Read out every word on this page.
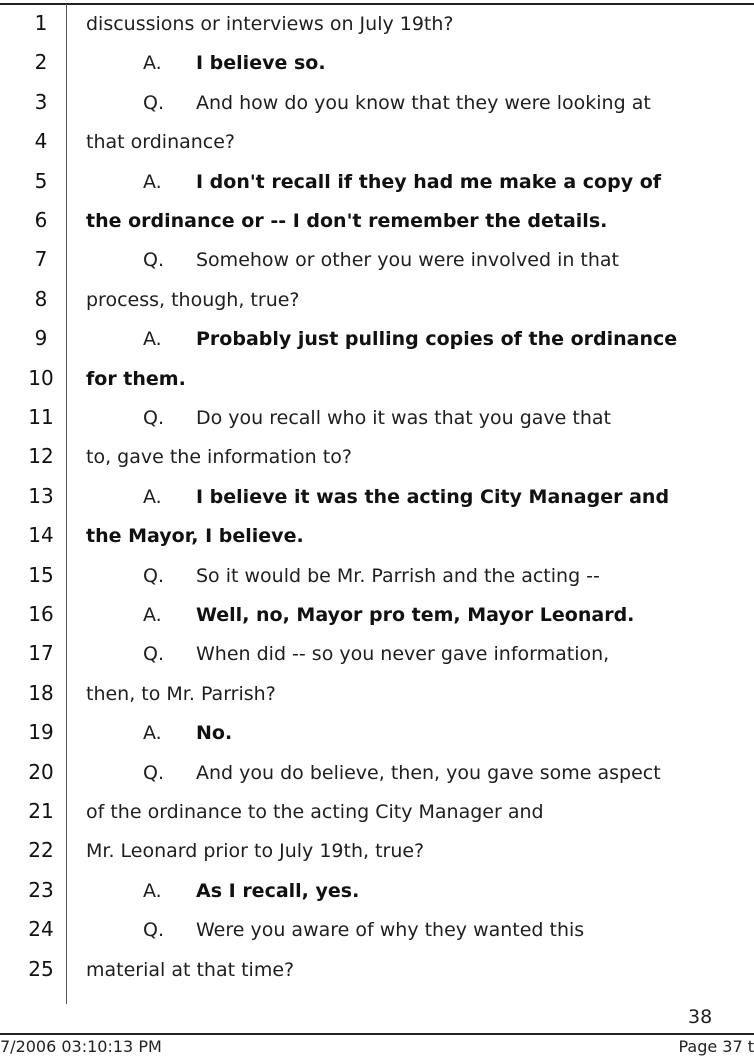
1	discussions or interviews on July 19th?
2	A. I believe so.
3	Q. And how do you know that they were looking at
4	that ordinance?
5	A. I don't recall if they had me make a copy of
6	the ordinance or -- I don't remember the details.
7	Q. Somehow or other you were involved in that
8	process, though, true?
9	A. Probably just pulling copies of the ordinance
10	for them.
11	Q. Do you recall who it was that you gave that
12	to, gave the information to?
13	A. I believe it was the acting City Manager and
14	the Mayor, I believe.
15	Q. So it would be Mr. Parrish and the acting --
16	A. Well, no, Mayor pro tem, Mayor Leonard.
17	Q. When did -- so you never gave information,
18	then, to Mr. Parrish?
19	A. No.
20	Q. And you do believe, then, you gave some aspect
21	of the ordinance to the acting City Manager and
22	Mr. Leonard prior to July 19th, true?
23	A. As I recall, yes.
24	Q. Were you aware of why they wanted this
25	material at that time?
38
7/2006 03:10:13 PM	Page 37 t
